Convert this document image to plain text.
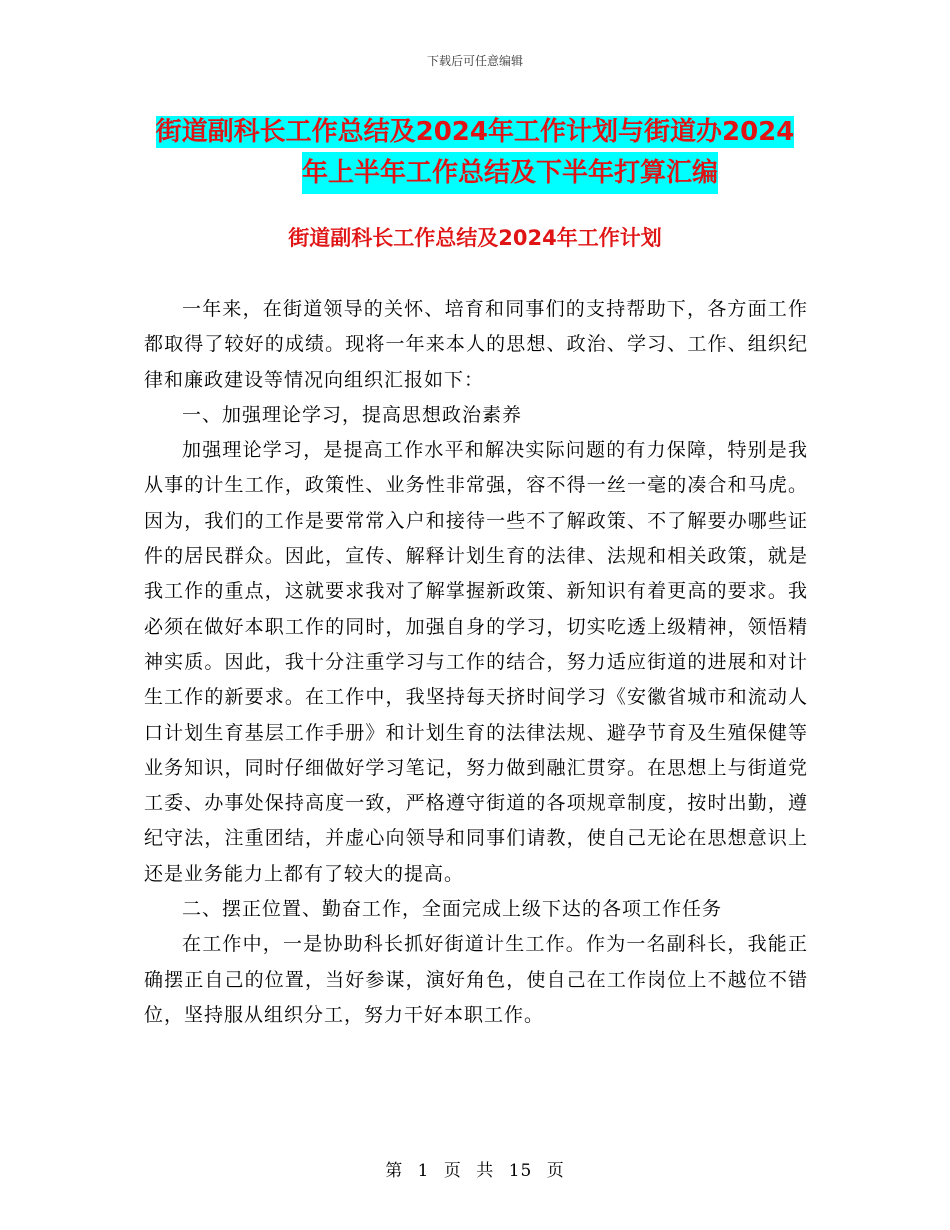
下载后可任意编辑
街道副科长工作总结及2024年工作计划与街道办2024
年上半年工作总结及下半年打算汇编
街道副科长工作总结及2024年工作计划

一年来，在街道领导的关怀、培育和同事们的支持帮助下，各方面工作都取得了较好的成绩。现将一年来本人的思想、政治、学习、工作、组织纪律和廉政建设等情况向组织汇报如下：

一、加强理论学习，提高思想政治素养

加强理论学习，是提高工作水平和解决实际问题的有力保障，特别是我从事的计生工作，政策性、业务性非常强，容不得一丝一毫的凑合和马虎。因为，我们的工作是要常常入户和接待一些不了解政策、不了解要办哪些证件的居民群众。因此，宣传、解释计划生育的法律、法规和相关政策，就是我工作的重点，这就要求我对了解掌握新政策、新知识有着更高的要求。我必须在做好本职工作的同时，加强自身的学习，切实吃透上级精神，领悟精神实质。因此，我十分注重学习与工作的结合，努力适应街道的进展和对计生工作的新要求。在工作中，我坚持每天挤时间学习《安徽省城市和流动人口计划生育基层工作手册》和计划生育的法律法规、避孕节育及生殖保健等业务知识，同时仔细做好学习笔记，努力做到融汇贯穿。在思想上与街道党工委、办事处保持高度一致，严格遵守街道的各项规章制度，按时出勤，遵纪守法，注重团结，并虚心向领导和同事们请教，使自己无论在思想意识上还是业务能力上都有了较大的提高。

二、摆正位置、勤奋工作，全面完成上级下达的各项工作任务

在工作中，一是协助科长抓好街道计生工作。作为一名副科长，我能正确摆正自己的位置，当好参谋，演好角色，使自己在工作岗位上不越位不错位，坚持服从组织分工，努力干好本职工作。

第 1 页 共 15 页
